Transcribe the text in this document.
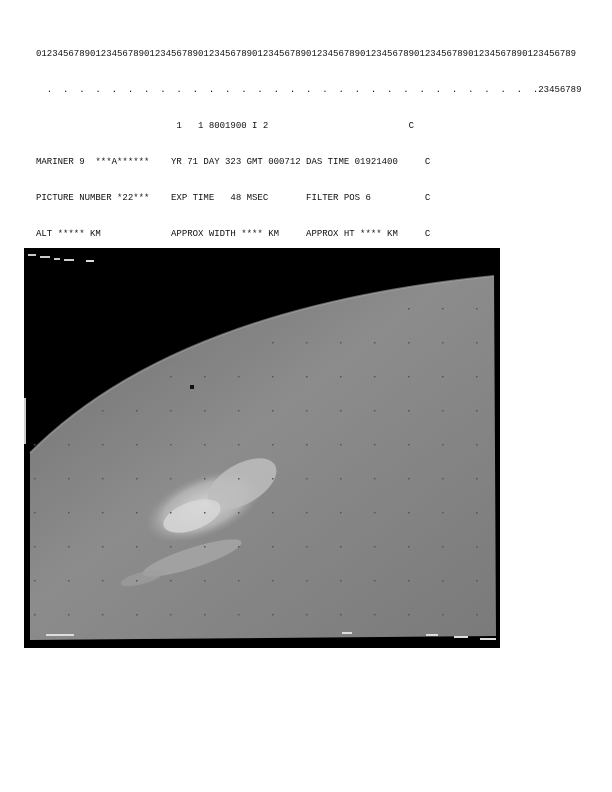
0123456789012345678901234567890123456789012345678901234567890123456789012345678901234567890123456789

.  .  .  .  .  .  .  .  .  .  .  .  .  .  .  .  .  .  .  .  .  .  .  .  .  .  .  .  .  .  .23456789

1   1 8001900 I 2                          C

MARINER 9  ***A******    YR 71 DAY 323 GMT 000712 DAS TIME 01921400     C

PICTURE NUMBER *22***    EXP TIME   48 MSEC       FILTER POS 6          C

ALT ***** KM             APPROX WIDTH **** KM     APPROX HT **** KM     C
